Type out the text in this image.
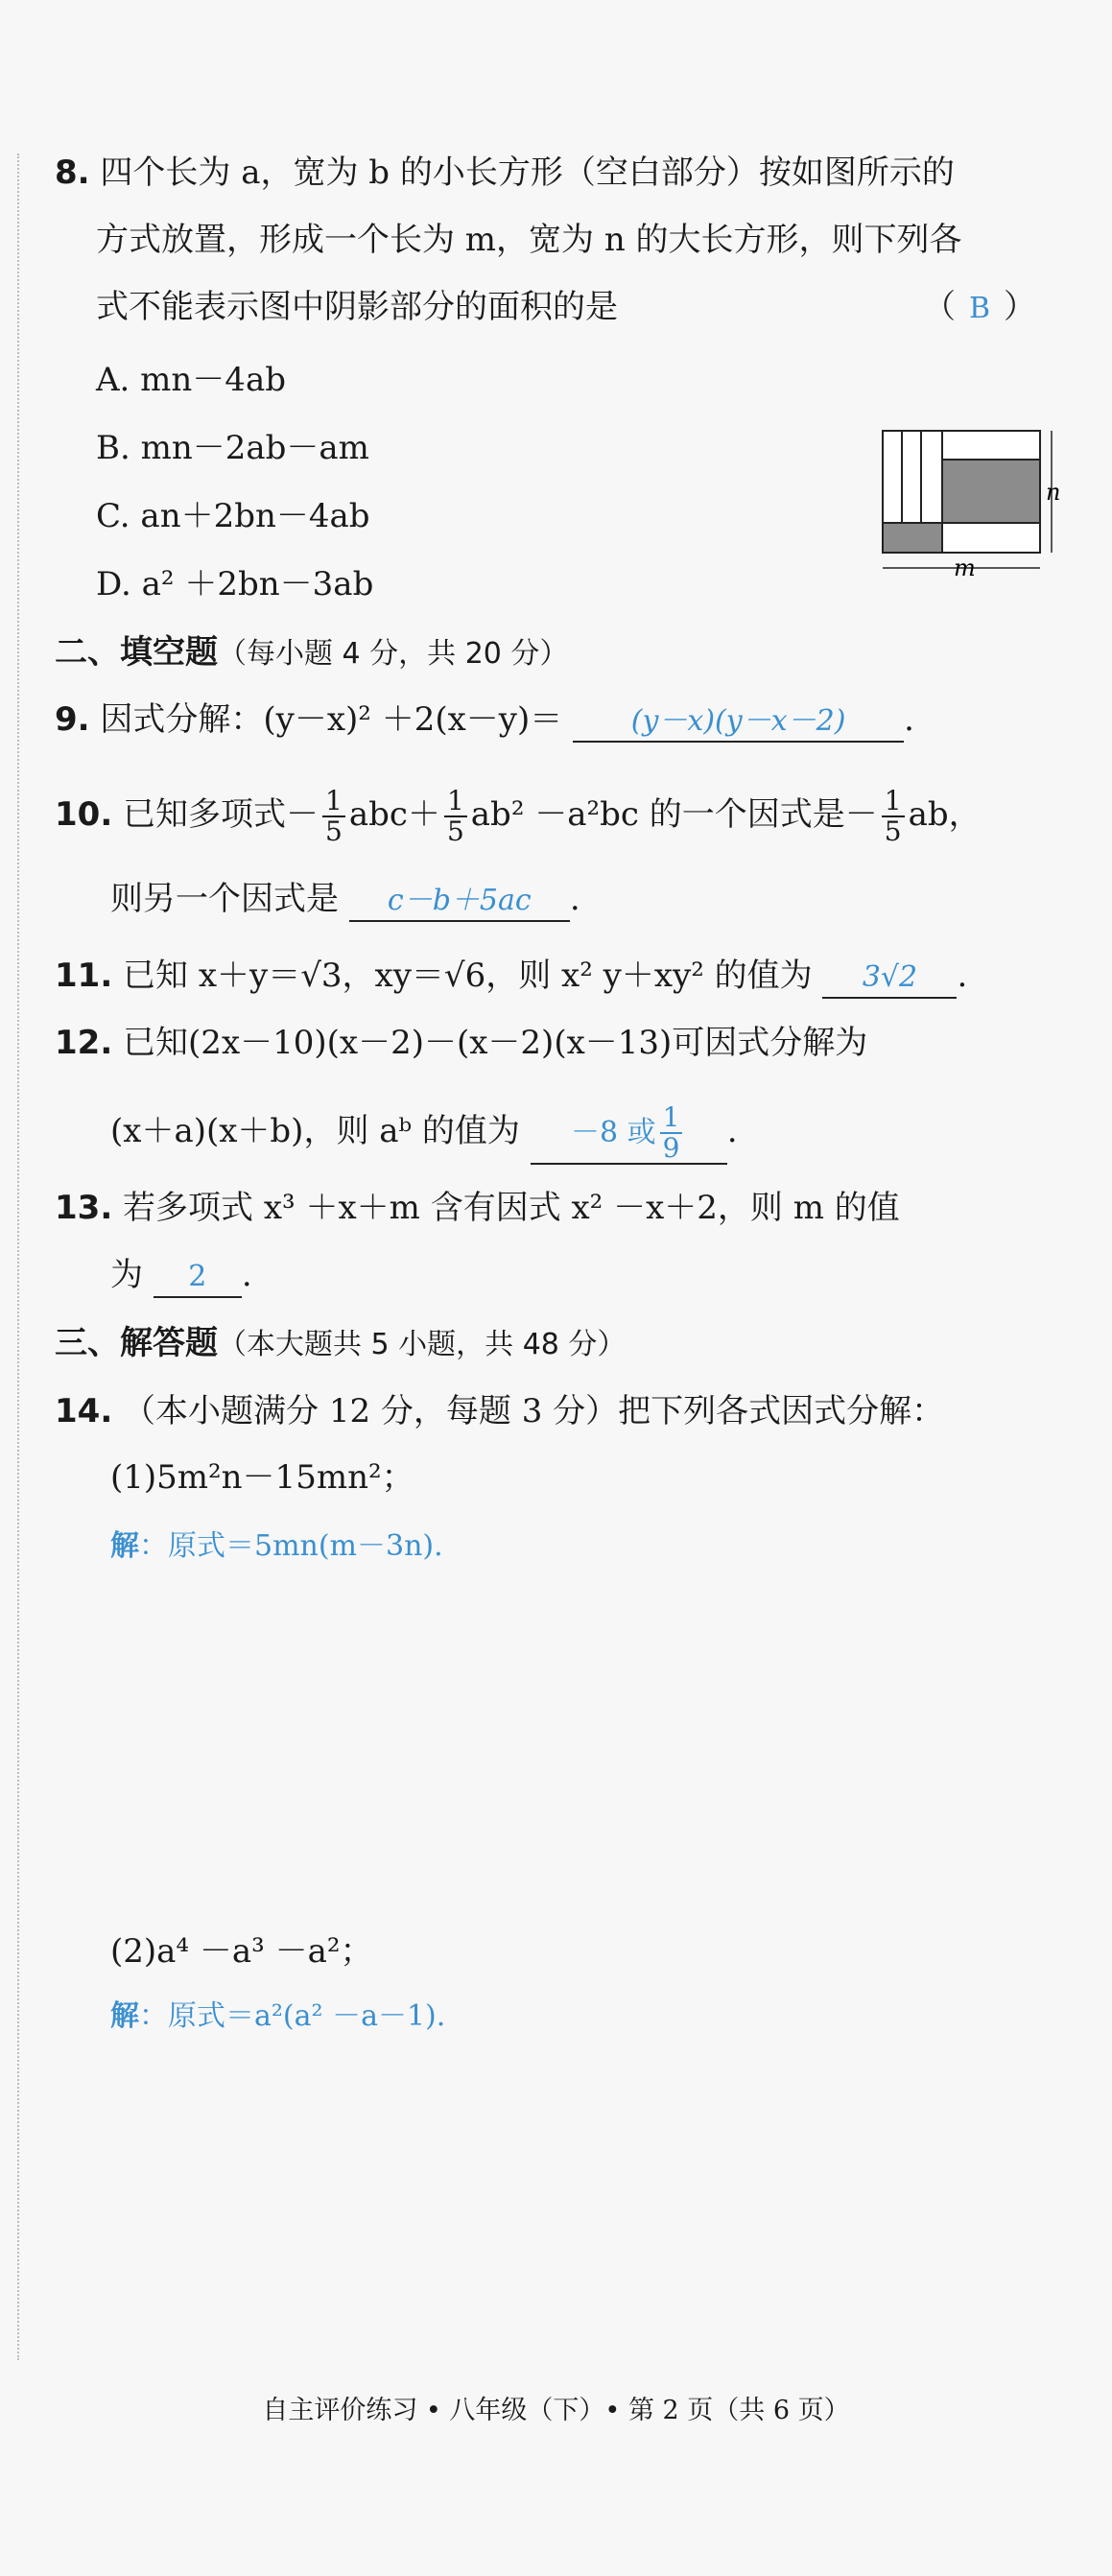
8. 四个长为 a，宽为 b 的小长方形（空白部分）按如图所示的
方式放置，形成一个长为 m，宽为 n 的大长方形，则下列各
式不能表示图中阴影部分的面积的是	（ B ）
A. mn－4ab
B. mn－2ab－am
C. an＋2bn－4ab
D. a² ＋2bn－3ab
n
m
二、填空题（每小题 4 分，共 20 分）
9. 因式分解：(y－x)² ＋2(x－y)＝ (y－x)(y－x－2) .
10. 已知多项式－ $\frac{1}{5} abc+ \frac{1}{5} ab^2 -a^2bc$ 的一个因式是－ $\frac{1}{5}$ ab，
则另一个因式是 c－b＋5ac .
11. 已知 x＋y＝√3，xy＝√6，则 x² y＋xy² 的值为 3√2 .
12. 已知(2x－10)(x－2)－(x－2)(x－13)可因式分解为
(x＋a)(x＋b)，则 aᵇ 的值为 －8 或 $\frac{1}{9}$ .
13. 若多项式 x³ ＋x＋m 含有因式 x² －x＋2，则 m 的值
为 2 .
三、解答题（本大题共 5 小题，共 48 分）
14. （本小题满分 12 分，每题 3 分）把下列各式因式分解：
(1)5m²n－15mn²；
解：原式＝5mn(m－3n).
(2)a⁴ －a³ －a²；
解：原式＝a²(a² －a－1).
自主评价练习 • 八年级（下）• 第 2 页（共 6 页）
